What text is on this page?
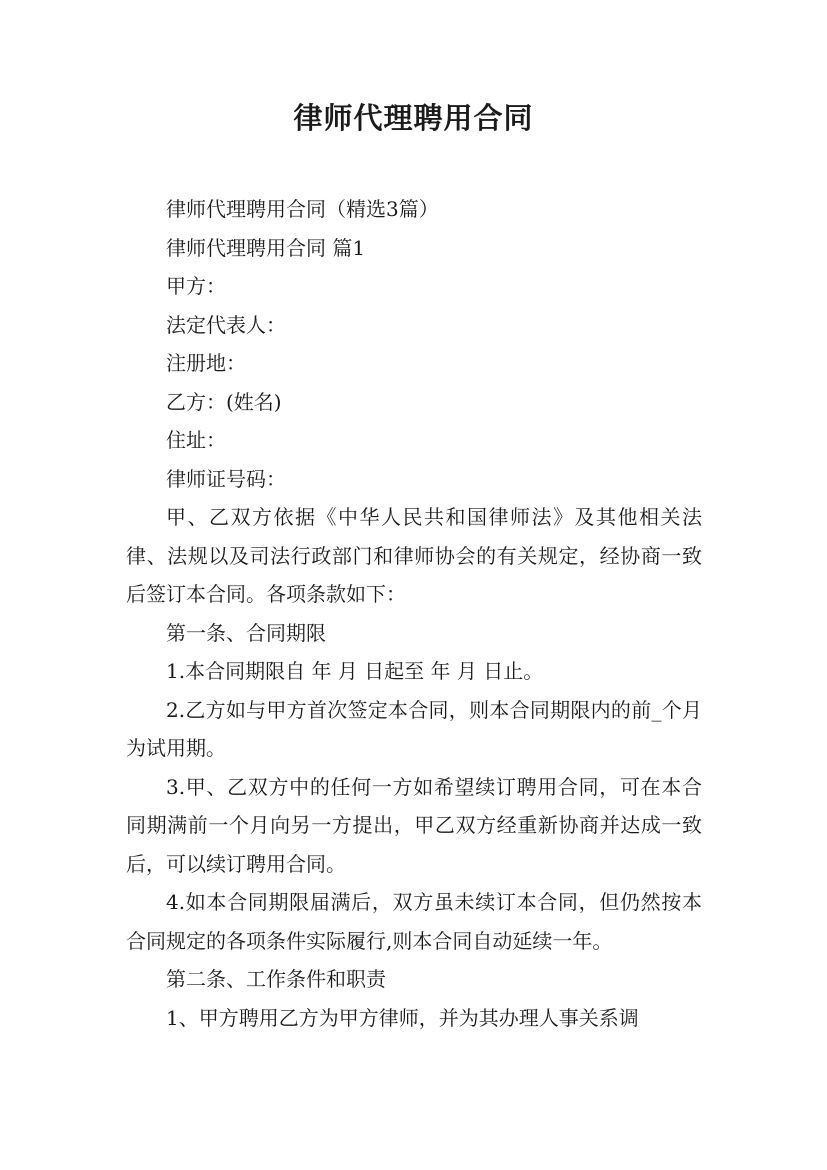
律师代理聘用合同

律师代理聘用合同（精选3篇）

律师代理聘用合同 篇1

甲方：

法定代表人：

注册地：

乙方：(姓名)

住址：

律师证号码：

甲、乙双方依据《中华人民共和国律师法》及其他相关法律、法规以及司法行政部门和律师协会的有关规定，经协商一致后签订本合同。各项条款如下：

第一条、合同期限

1.本合同期限自 年 月 日起至 年 月 日止。

2.乙方如与甲方首次签定本合同，则本合同期限内的前_个月为试用期。

3.甲、乙双方中的任何一方如希望续订聘用合同，可在本合同期满前一个月向另一方提出，甲乙双方经重新协商并达成一致后，可以续订聘用合同。

4.如本合同期限届满后，双方虽未续订本合同，但仍然按本合同规定的各项条件实际履行,则本合同自动延续一年。

第二条、工作条件和职责

1、甲方聘用乙方为甲方律师，并为其办理人事关系调
